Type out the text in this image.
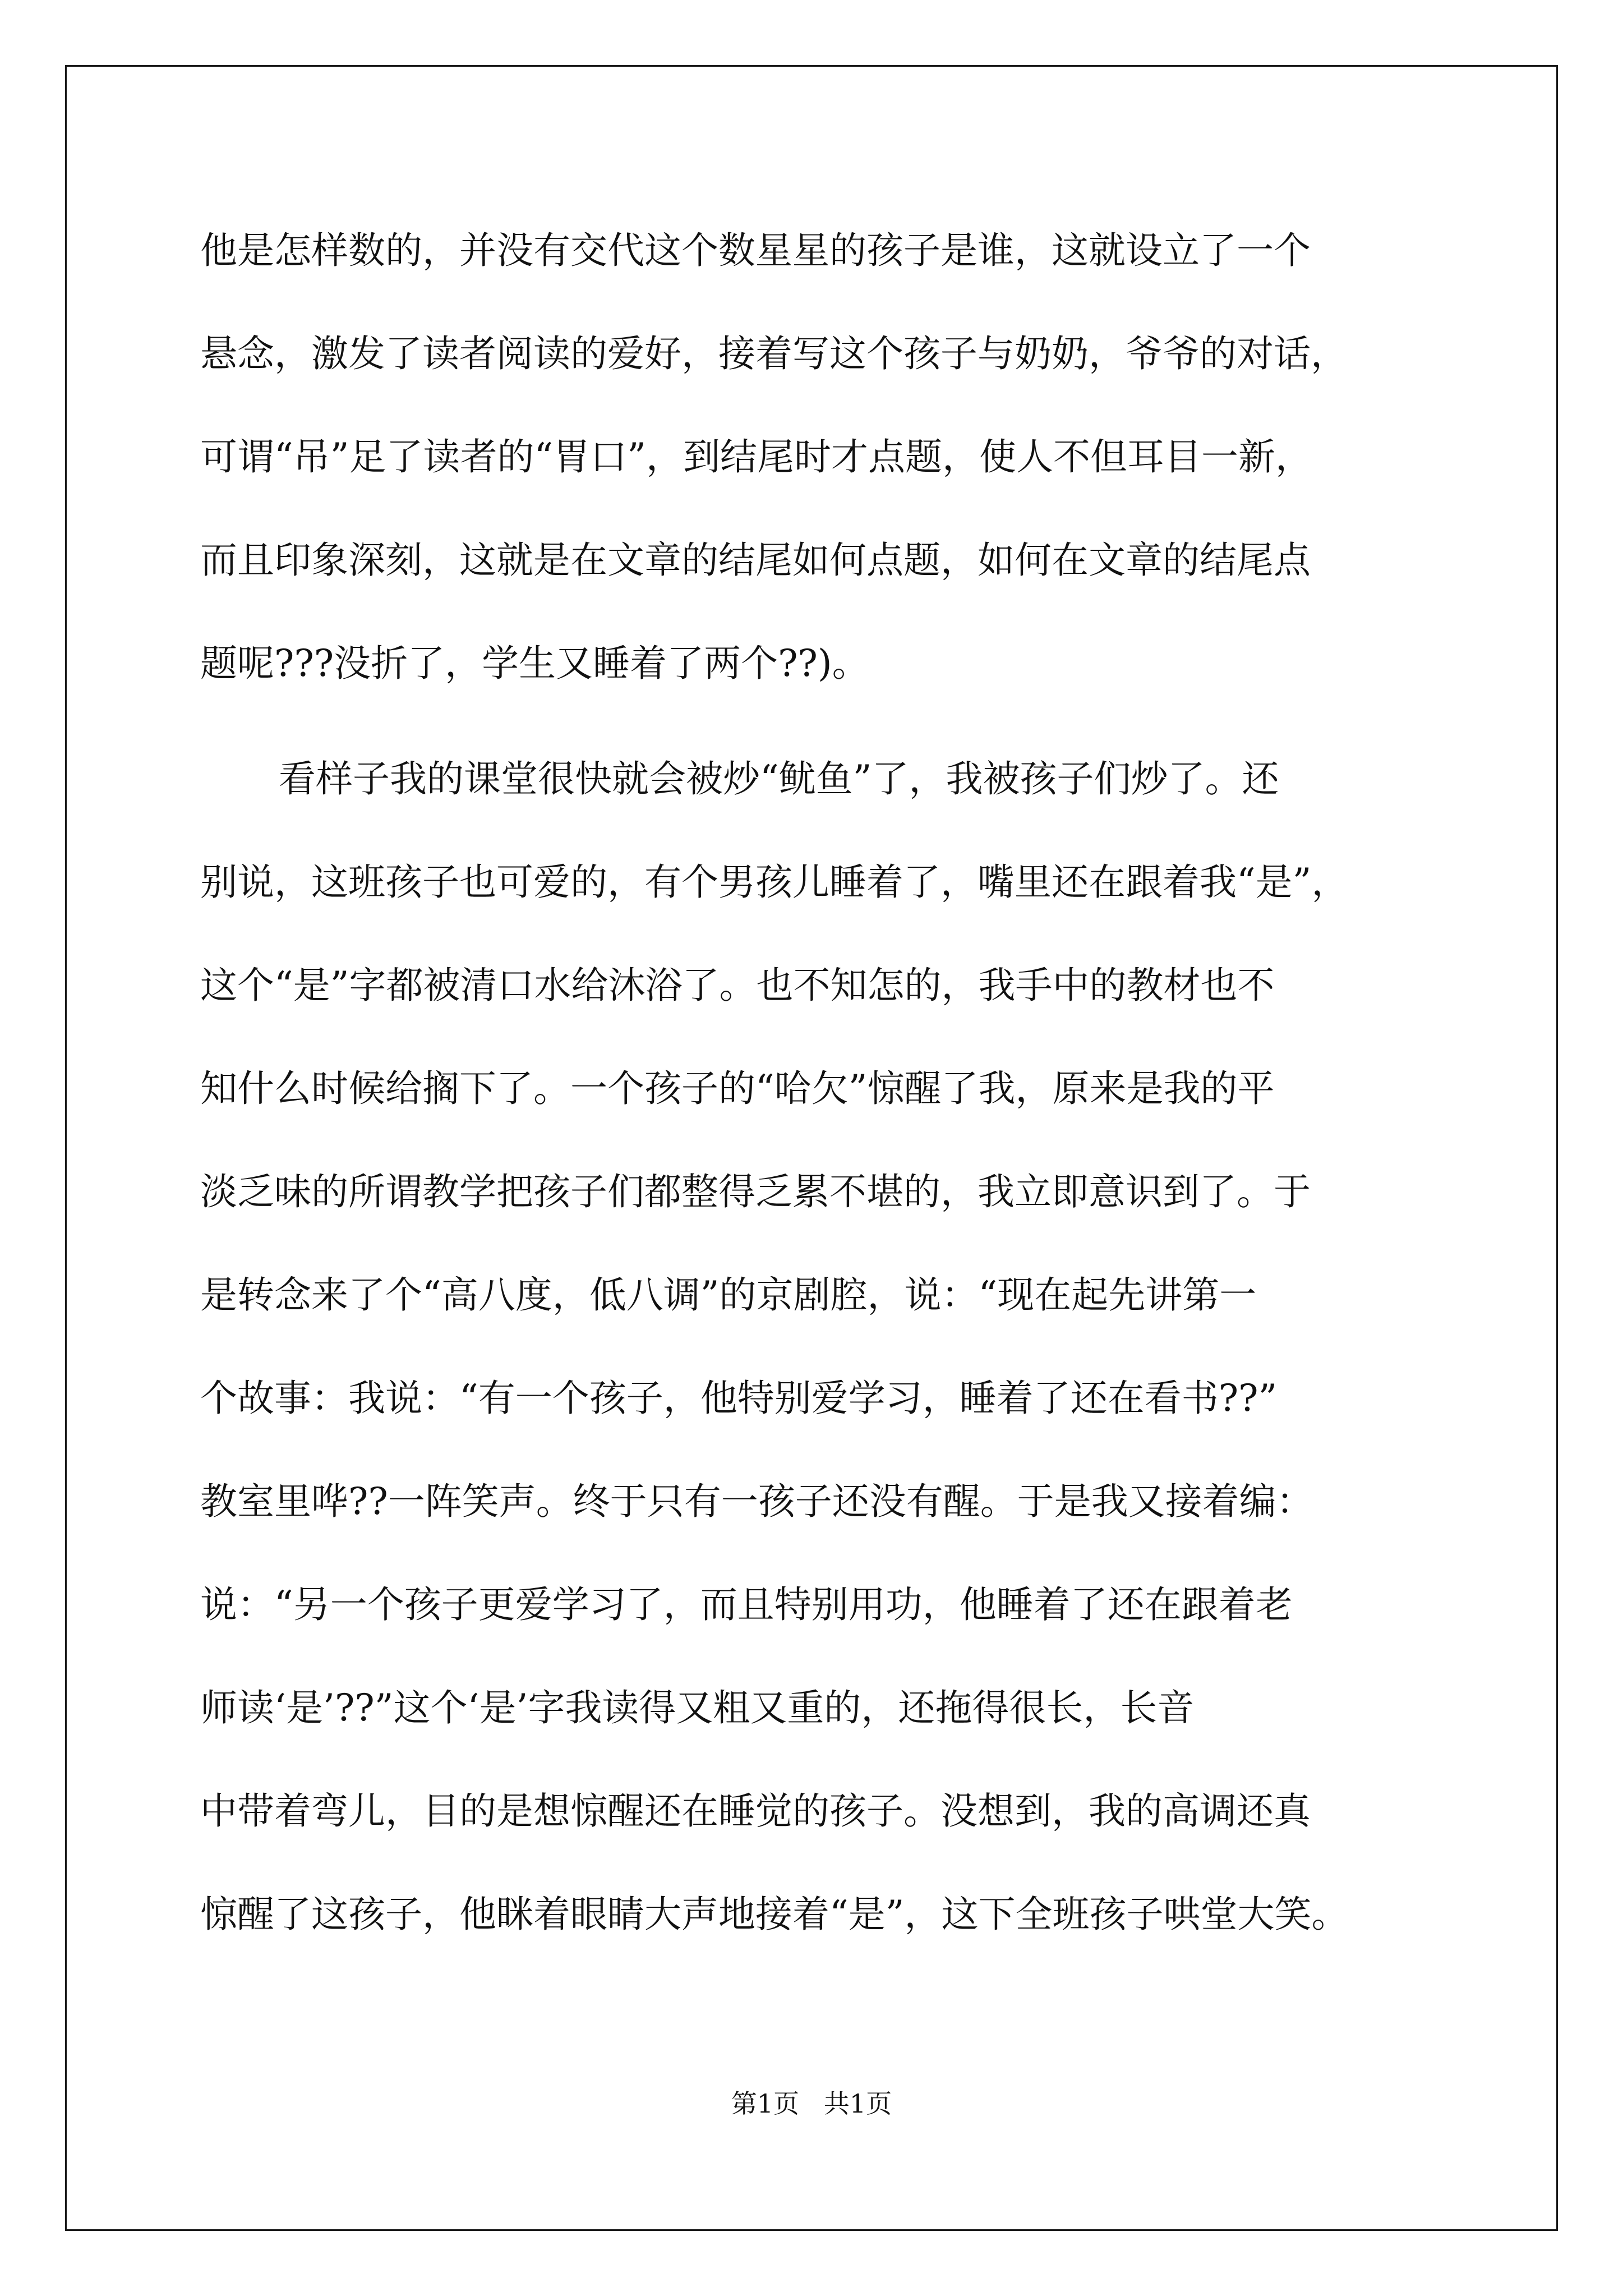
他是怎样数的，并没有交代这个数星星的孩子是谁，这就设立了一个
悬念，激发了读者阅读的爱好，接着写这个孩子与奶奶，爷爷的对话，
可谓“吊”足了读者的“胃口”，到结尾时才点题，使人不但耳目一新，
而且印象深刻，这就是在文章的结尾如何点题，如何在文章的结尾点
题呢???没折了，学生又睡着了两个??)。
看样子我的课堂很快就会被炒“鱿鱼”了，我被孩子们炒了。还
别说，这班孩子也可爱的，有个男孩儿睡着了，嘴里还在跟着我“是”，
这个“是”字都被清口水给沐浴了。也不知怎的，我手中的教材也不
知什么时候给搁下了。一个孩子的“哈欠”惊醒了我，原来是我的平
淡乏味的所谓教学把孩子们都整得乏累不堪的，我立即意识到了。于
是转念来了个“高八度，低八调”的京剧腔，说：“现在起先讲第一
个故事：我说：“有一个孩子，他特别爱学习，睡着了还在看书??”
教室里哗??一阵笑声。终于只有一孩子还没有醒。于是我又接着编：
说：“另一个孩子更爱学习了，而且特别用功，他睡着了还在跟着老
师读‘是’??”这个‘是’字我读得又粗又重的，还拖得很长，长音
中带着弯儿，目的是想惊醒还在睡觉的孩子。没想到，我的高调还真
惊醒了这孩子，他眯着眼睛大声地接着“是”，这下全班孩子哄堂大笑。
第1页   共1页
